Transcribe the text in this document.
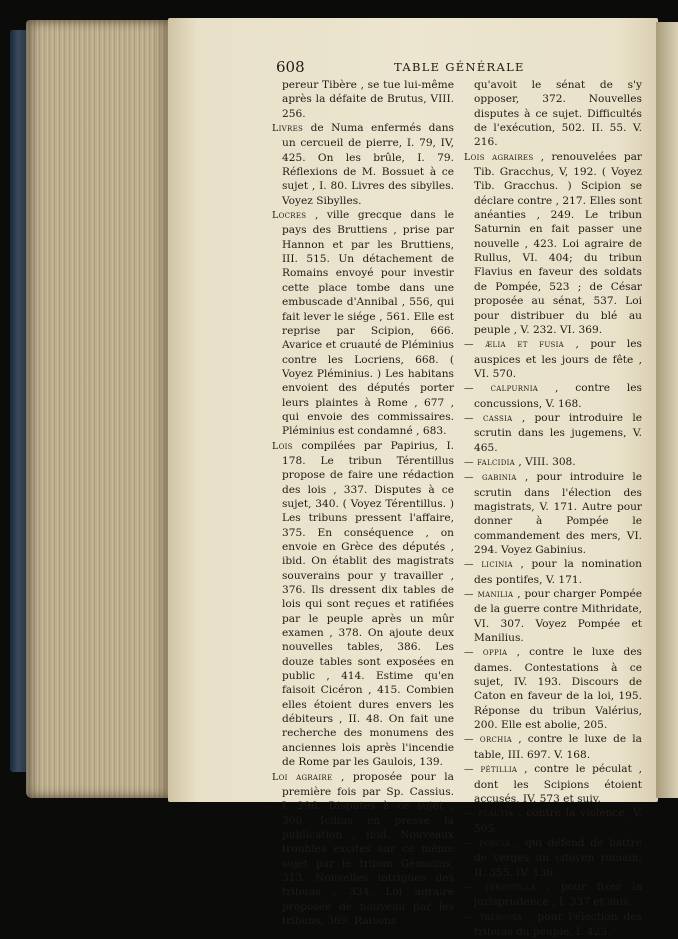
608	TABLE GÉNÉRALE

pereur Tibère , se tue lui-même après la défaite de Brutus, VIII. 256.

Livres de Numa enfermés dans un cercueil de pierre, I. 79, IV, 425. On les brûle, I. 79. Réflexions de M. Bossuet à ce sujet , I. 80. Livres des sibylles. Voyez Sibylles.

Locres , ville grecque dans le pays des Bruttiens , prise par Hannon et par les Bruttiens, III. 515. Un détachement de Romains envoyé pour investir cette place tombe dans une embuscade d'Annibal , 556, qui fait lever le siége , 561. Elle est reprise par Scipion, 666. Avarice et cruauté de Pléminius contre les Locriens, 668. ( Voyez Pléminius. ) Les habitans envoient des députés porter leurs plaintes à Rome , 677 , qui envoie des commissaires. Pléminius est condamné , 683.

Lois compilées par Papirius, I. 178. Le tribun Térentillus propose de faire une rédaction des lois , 337. Disputes à ce sujet, 340. ( Voyez Térentillus. ) Les tribuns pressent l'affaire, 375. En conséquence , on envoie en Grèce des députés , ibid. On établit des magistrats souverains pour y travailler , 376. Ils dressent dix tables de lois qui sont reçues et ratifiées par le peuple après un mûr examen , 378. On ajoute deux nouvelles tables, 386. Les douze tables sont exposées en public , 414. Estime qu'en faisoit Cicéron , 415. Combien elles étoient dures envers les débiteurs , II. 48. On fait une recherche des monumens des anciennes lois après l'incendie de Rome par les Gaulois, 139.

Loi agraire , proposée pour la première fois par Sp. Cassius. I. 296. Disputes à ce sujet , 300. Icilius en presse la publication , ibid. Nouveaux troubles excités sur ce même sujet par le tribun Génucius, 313. Nouvelles intrigues des tribuns , 334. Loi agraire proposée de nouveau par les tribuns, 369. Raisons

qu'avoit le sénat de s'y opposer, 372. Nouvelles disputes à ce sujet. Difficultés de l'exécution, 502. II. 55. V. 216.

Lois agraires , renouvelées par Tib. Gracchus, V, 192. ( Voyez Tib. Gracchus. ) Scipion se déclare contre , 217. Elles sont anéanties , 249. Le tribun Saturnin en fait passer une nouvelle , 423. Loi agraire de Rullus, VI. 404; du tribun Flavius en faveur des soldats de Pompée, 523 ; de César proposée au sénat, 537. Loi pour distribuer du blé au peuple , V. 232. VI. 369.

— ælia et fusia , pour les auspices et les jours de fête , VI. 570.

— calpurnia , contre les concussions, V. 168.

— cassia , pour introduire le scrutin dans les jugemens, V. 465.

— falcidia , VIII. 308.

— gabinia , pour introduire le scrutin dans l'élection des magistrats, V. 171. Autre pour donner à Pompée le commandement des mers, VI. 294. Voyez Gabinius.

— licinia , pour la nomination des pontifes, V. 171.

— manilia , pour charger Pompée de la guerre contre Mithridate, VI. 307. Voyez Pompée et Manilius.

— oppia , contre le luxe des dames. Contestations à ce sujet, IV. 193. Discours de Caton en faveur de la loi, 195. Réponse du tribun Valérius, 200. Elle est abolie, 205.

— orchia , contre le luxe de la table, III. 697. V. 168.

— pétillia , contre le péculat , dont les Scipions étoient accusés, IV. 573 et suiv.

— plautia , contre la violence, V. 505.

— porcia , qui défend de battre de verges un citoyen romain, II. 355. IV. 136.

— térentilla , pour fixer la jurisprudence , I. 337 et suiv.

— trébonia , pour l'élection des tribuns du peuple, I. 423.
